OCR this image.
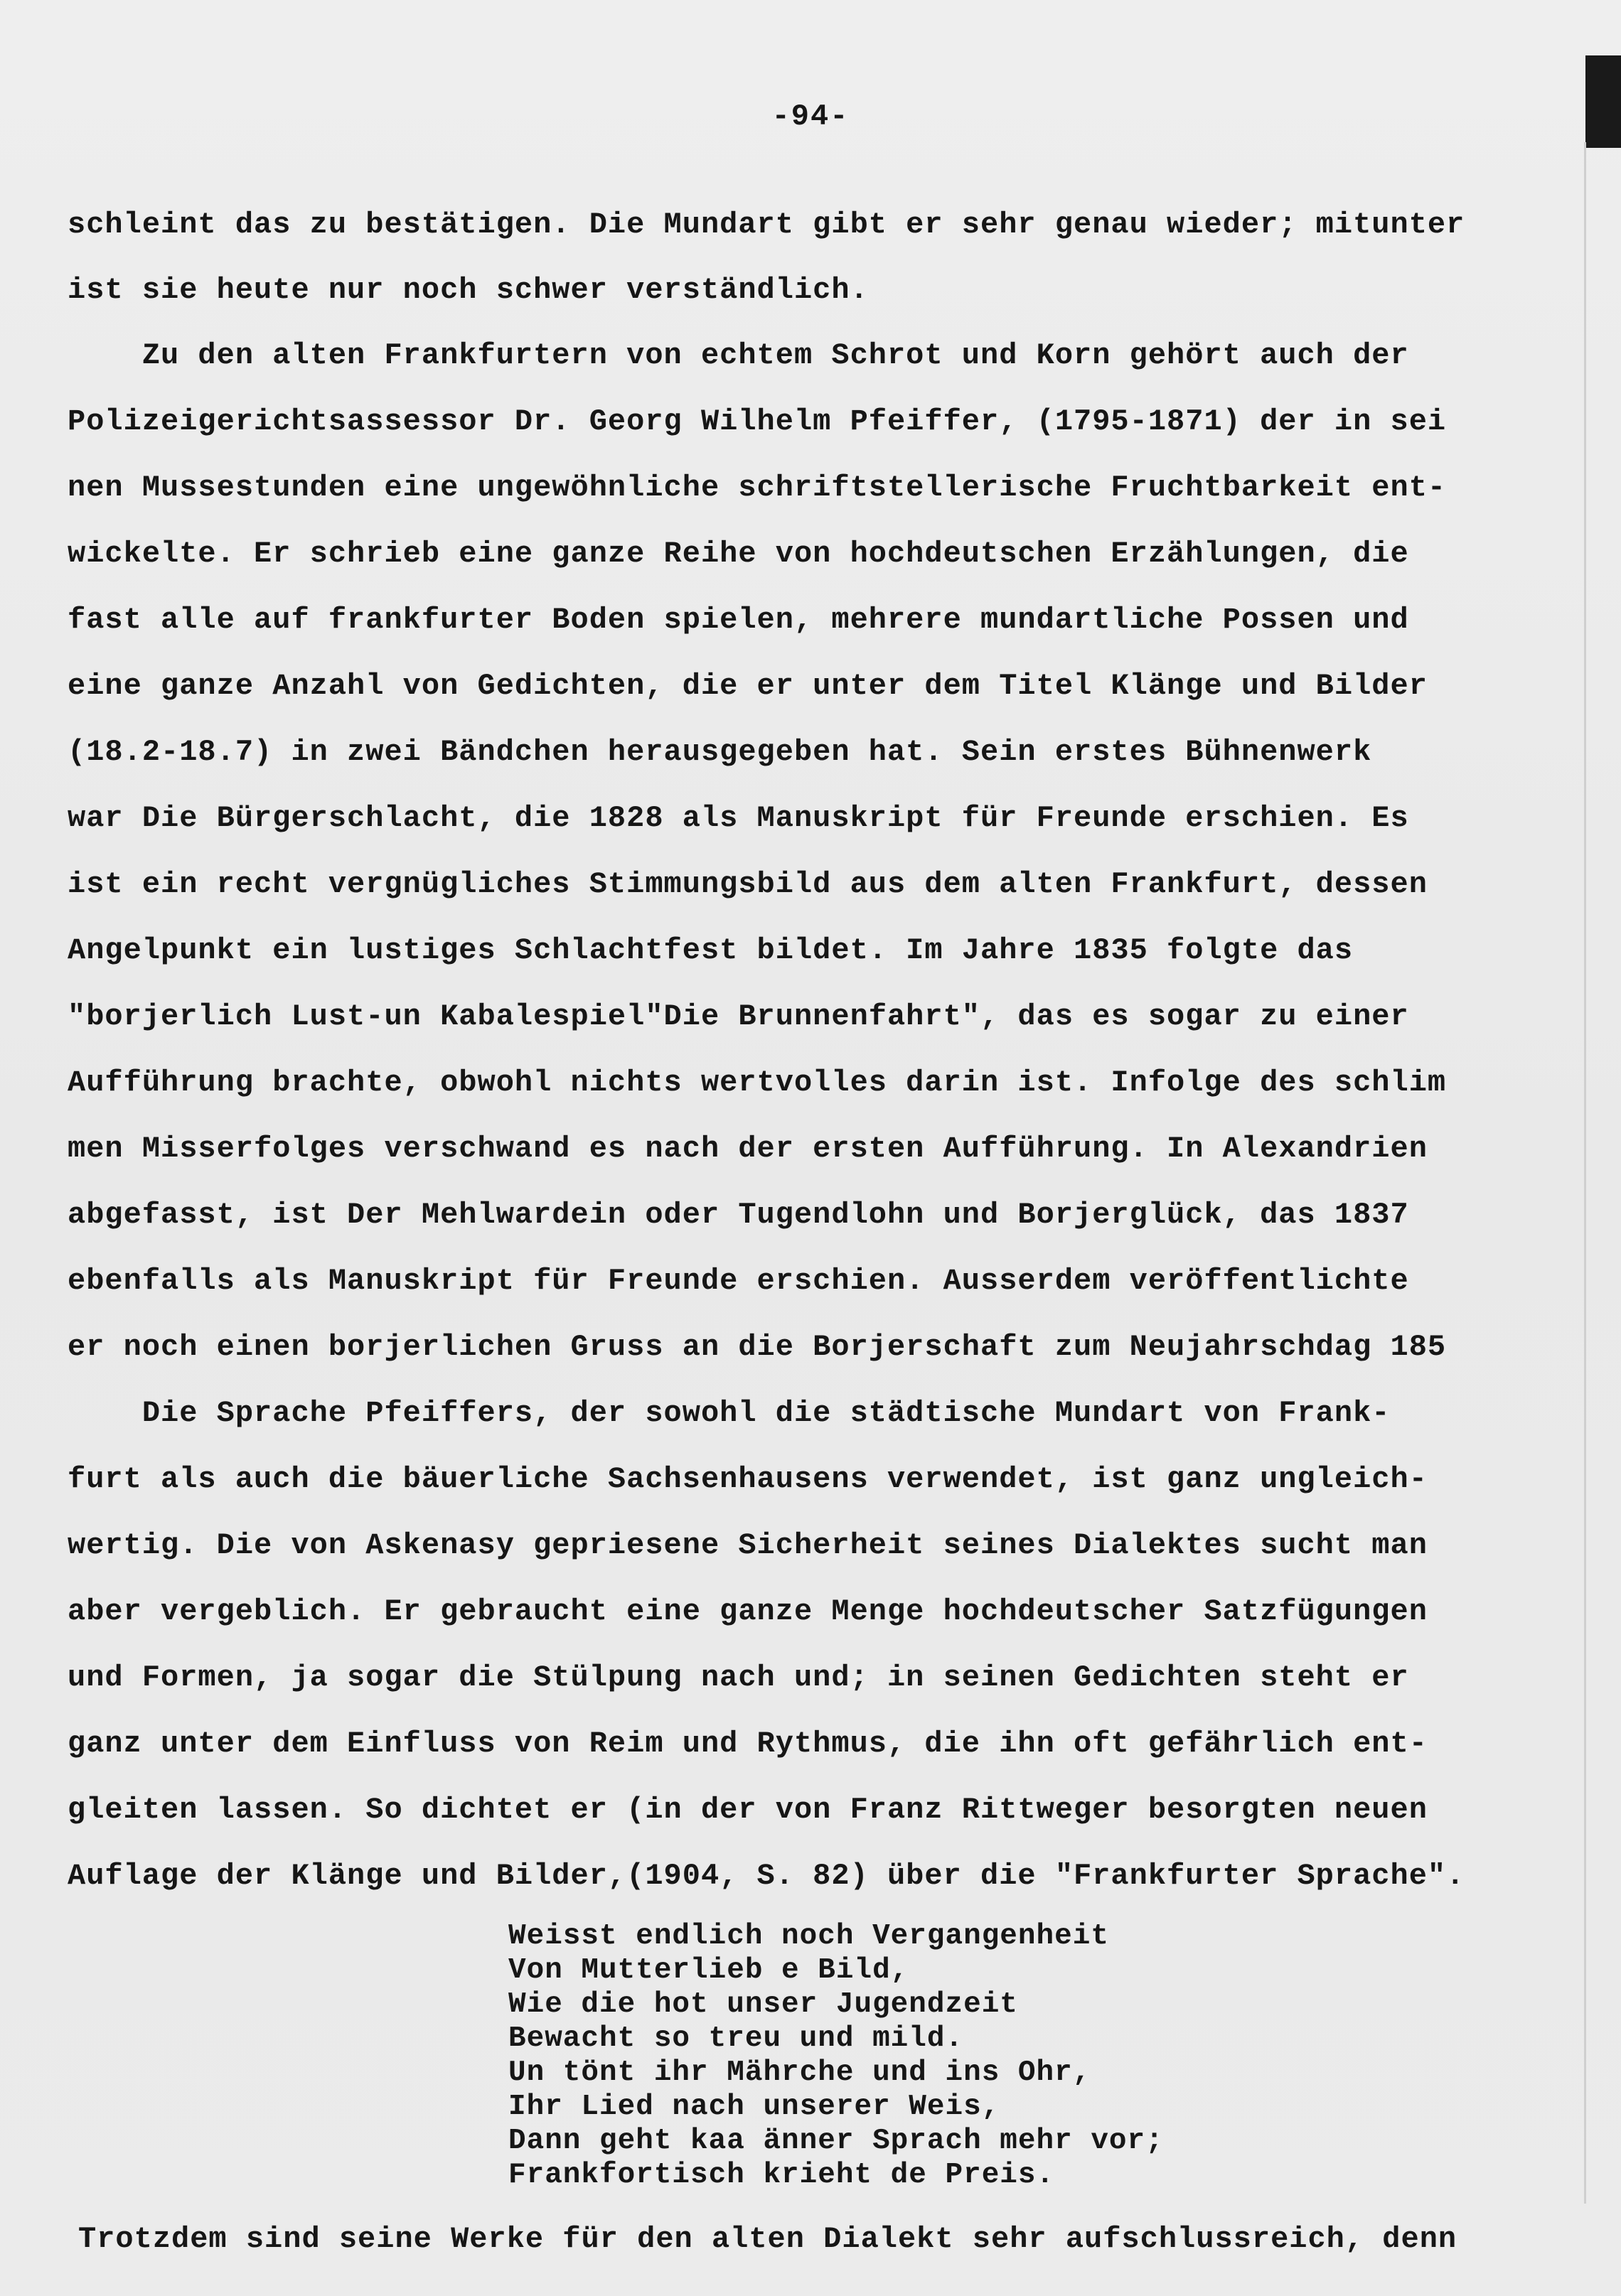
-94-
schleint das zu bestätigen. Die Mundart gibt er sehr genau wieder; mitunter
ist sie heute nur noch schwer verständlich.
Zu den alten Frankfurtern von echtem Schrot und Korn gehört auch der
Polizeigerichtsassessor Dr. Georg Wilhelm Pfeiffer, (1795-1871) der in sei
nen Mussestunden eine ungewöhnliche schriftstellerische Fruchtbarkeit ent-
wickelte. Er schrieb eine ganze Reihe von hochdeutschen Erzählungen, die
fast alle auf frankfurter Boden spielen, mehrere mundartliche Possen und
eine ganze Anzahl von Gedichten, die er unter dem Titel Klänge und Bilder
(18.2-18.7) in zwei Bändchen herausgegeben hat. Sein erstes Bühnenwerk
war Die Bürgerschlacht, die 1828 als Manuskript für Freunde erschien. Es
ist ein recht vergnügliches Stimmungsbild aus dem alten Frankfurt, dessen
Angelpunkt ein lustiges Schlachtfest bildet. Im Jahre 1835 folgte das
"borjerlich Lust-un Kabalespiel"Die Brunnenfahrt", das es sogar zu einer
Aufführung brachte, obwohl nichts wertvolles darin ist. Infolge des schlim
men Misserfolges verschwand es nach der ersten Aufführung. In Alexandrien
abgefasst, ist Der Mehlwardein oder Tugendlohn und Borjerglück, das 1837
ebenfalls als Manuskript für Freunde erschien. Ausserdem veröffentlichte
er noch einen borjerlichen Gruss an die Borjerschaft zum Neujahrschdag 185
Die Sprache Pfeiffers, der sowohl die städtische Mundart von Frank-
furt als auch die bäuerliche Sachsenhausens verwendet, ist ganz ungleich-
wertig. Die von Askenasy gepriesene Sicherheit seines Dialektes sucht man
aber vergeblich. Er gebraucht eine ganze Menge hochdeutscher Satzfügungen
und Formen, ja sogar die Stülpung nach und; in seinen Gedichten steht er
ganz unter dem Einfluss von Reim und Rythmus, die ihn oft gefährlich ent-
gleiten lassen. So dichtet er (in der von Franz Rittweger besorgten neuen
Auflage der Klänge und Bilder,(1904, S. 82) über die "Frankfurter Sprache".
Weisst endlich noch Vergangenheit
Von Mutterlieb e Bild,
Wie die hot unser Jugendzeit
Bewacht so treu und mild.
Un tönt ihr Mährche und ins Ohr,
Ihr Lied nach unserer Weis,
Dann geht kaa änner Sprach mehr vor;
Frankfortisch krieht de Preis.
Trotzdem sind seine Werke für den alten Dialekt sehr aufschlussreich, denn
